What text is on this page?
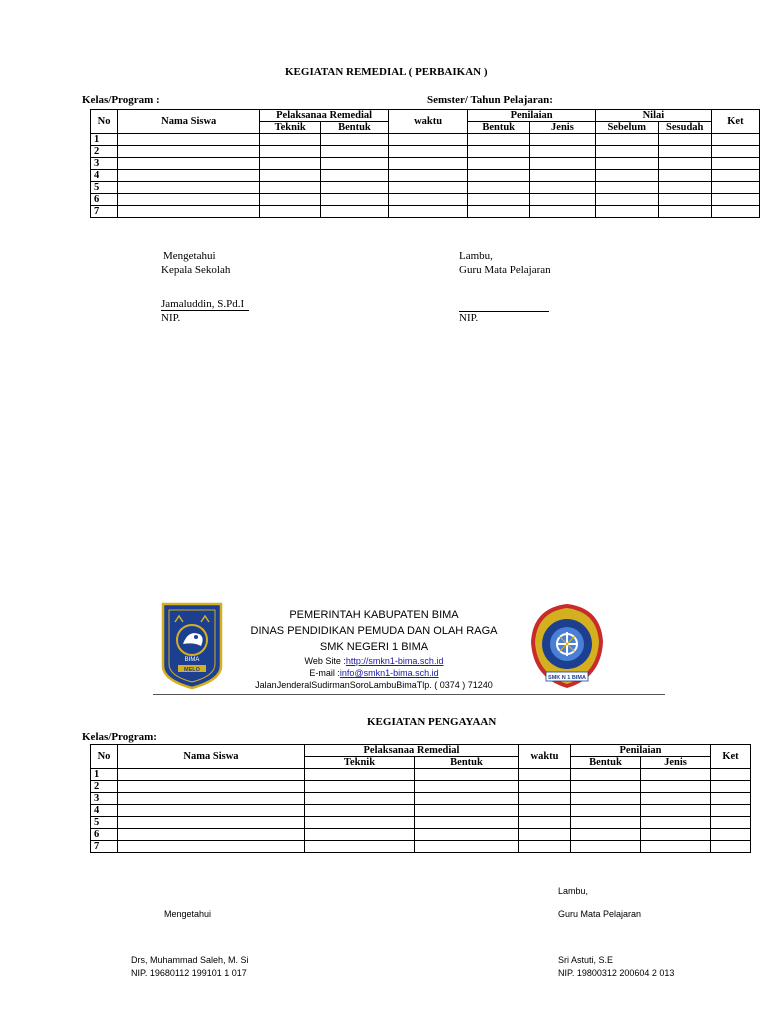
KEGIATAN REMEDIAL ( PERBAIKAN )
Kelas/Program :	Semster/ Tahun Pelajaran:
No	Nama Siswa	Pelaksanaa Remedial		waktu	Penilaian		Nilai		Ket
		Teknik	Bentuk		Bentuk	Jenis	Sebelum	Sesudah	
1									
2									
3									
4									
5									
6									
7									
Mengetahui
Kepala Sekolah
Jamaluddin, S.Pd.I
NIP.
Lambu,
Guru Mata Pelajaran
NIP.
BIMA
MELO
PEMERINTAH KABUPATEN BIMA
DINAS PENDIDIKAN PEMUDA DAN OLAH RAGA
SMK NEGERI 1 BIMA
Web Site :http://smkn1-bima.sch.id
E-mail :info@smkn1-bima.sch.id
JalanJenderalSudirmanSoroLambuBimaTlp. ( 0374 ) 71240
SMK N 1 BIMA
KEGIATAN PENGAYAAN
Kelas/Program:
No	Nama Siswa	Pelaksanaa Remedial		waktu	Penilaian		Ket
		Teknik	Bentuk		Bentuk	Jenis	
1							
2							
3							
4							
5							
6							
7							
Lambu,
Mengetahui	Guru Mata Pelajaran
Drs, Muhammad Saleh, M. Si
NIP. 19680112 199101 1 017
Sri Astuti, S.E
NIP. 19800312 200604 2 013
